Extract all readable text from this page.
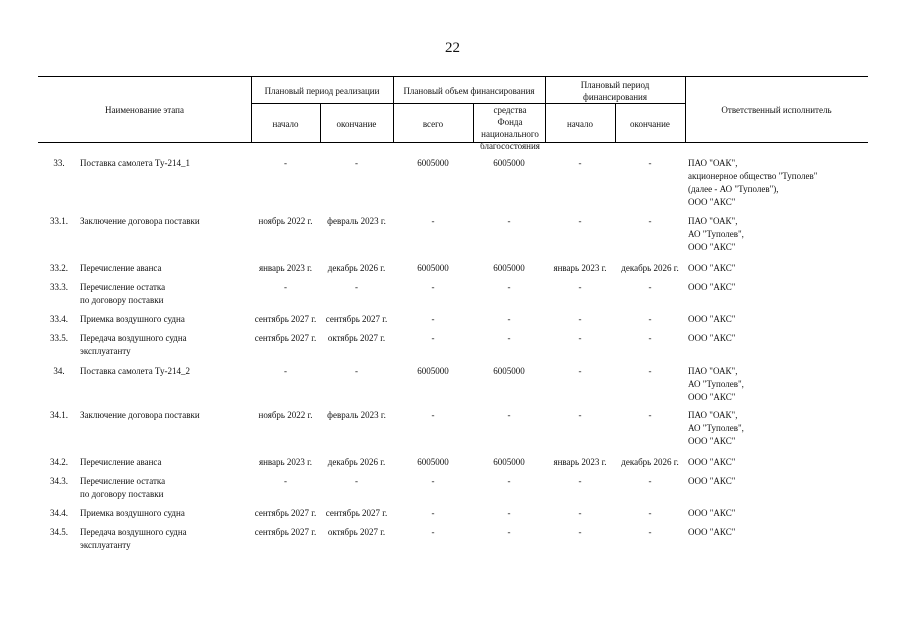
22
Наименование этапа
Плановый период реализации	Плановый объем финансирования
Плановый период финансирования
Ответственный исполнитель
начало	окончание	всего
средства Фонда национального благосостояния
начало	окончание
33.	-	-	6005000	6005000	-	-
Поставка самолета Ту-214_1	ПАО "ОАК",
акционерное общество "Туполев"
(далее - АО "Туполев"),
ООО "АКС"
33.1.	ноябрь 2022 г.	февраль 2023 г.	-	-	-	-
Заключение договора поставки	ПАО "ОАК",
АО "Туполев",
ООО "АКС"
33.2.	январь 2023 г.	декабрь 2026 г.	6005000	6005000	январь 2023 г.	декабрь 2026 г.
Перечисление аванса	ООО "АКС"
33.3.	-	-	-	-	-	-
Перечисление остатка
по договору поставки
ООО "АКС"
33.4.	сентябрь 2027 г.	сентябрь 2027 г.	-	-	-	-
Приемка воздушного судна	ООО "АКС"
33.5.	сентябрь 2027 г.	октябрь 2027 г.	-	-	-	-
Передача воздушного судна
эксплуатанту
ООО "АКС"
34.	-	-	6005000	6005000	-	-
Поставка самолета Ту-214_2	ПАО "ОАК",
АО "Туполев",
ООО "АКС"
34.1.	ноябрь 2022 г.	февраль 2023 г.	-	-	-	-
Заключение договора поставки	ПАО "ОАК",
АО "Туполев",
ООО "АКС"
34.2.	январь 2023 г.	декабрь 2026 г.	6005000	6005000	январь 2023 г.	декабрь 2026 г.
Перечисление аванса	ООО "АКС"
34.3.	-	-	-	-	-	-
Перечисление остатка
по договору поставки
ООО "АКС"
34.4.	сентябрь 2027 г.	сентябрь 2027 г.	-	-	-	-
Приемка воздушного судна	ООО "АКС"
34.5.	сентябрь 2027 г.	октябрь 2027 г.	-	-	-	-
Передача воздушного судна
эксплуатанту
ООО "АКС"
